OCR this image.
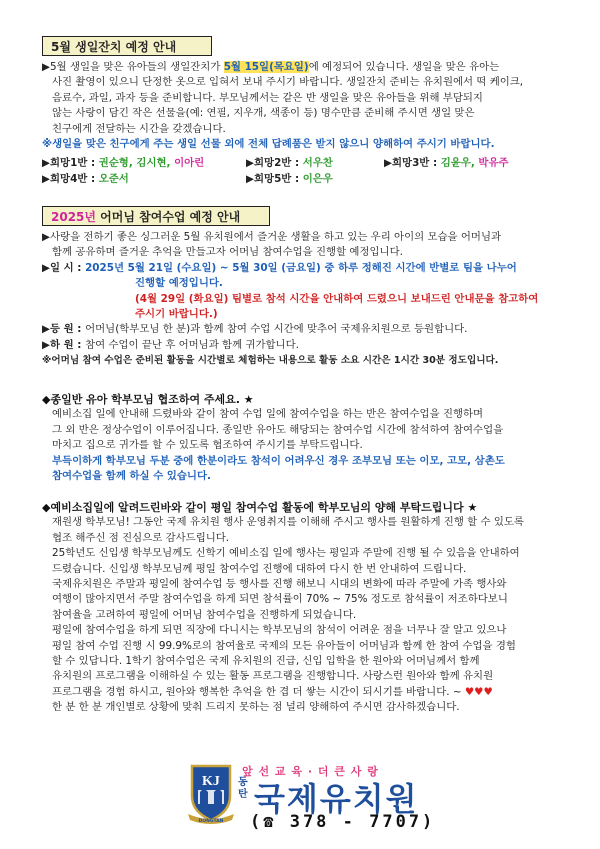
5월 생일잔치 예정 안내
▶5월 생일을 맞은 유아들의 생일잔치가 5월 15일(목요일)에 예정되어 있습니다. 생일을 맞은 유아는
사진 촬영이 있으니 단정한 옷으로 입혀서 보내 주시기 바랍니다. 생일잔치 준비는 유치원에서 떡 케이크,
음료수, 과일, 과자 등을 준비합니다. 부모님께서는 같은 반 생일을 맞은 유아들을 위해 부담되지
않는 사랑이 담긴 작은 선물을(예: 연필, 지우개, 색종이 등) 명수만큼 준비해 주시면 생일 맞은
친구에게 전달하는 시간을 갖겠습니다.
※생일을 맞은 친구에게 주는 생일 선물 외에 전체 답례품은 받지 않으니 양해하여 주시기 바랍니다.
▶희망1반 : 권순형, 김시현, 이아린	▶희망2반 : 서우찬	▶희망3반 : 김윤우, 박유주
▶희망4반 : 오준서	▶희망5반 : 이은우
2025년 어머님 참여수업 예정 안내
▶사랑을 전하기 좋은 싱그러운 5월 유치원에서 즐거운 생활을 하고 있는 우리 아이의 모습을 어머님과
함께 공유하며 즐거운 추억을 만들고자 어머님 참여수업을 진행할 예정입니다.
▶일 시 : 2025년 5월 21일 (수요일) ~ 5월 30일 (금요일) 중 하루 정해진 시간에 반별로 팀을 나누어
진행할 예정입니다.
(4월 29일 (화요일) 팀별로 참석 시간을 안내하여 드렸으니 보내드린 안내문을 참고하여
주시기 바랍니다.)
▶등 원 : 어머님(학부모님 한 분)과 함께 참여 수업 시간에 맞추어 국제유치원으로 등원합니다.
▶하 원 : 참여 수업이 끝난 후 어머님과 함께 귀가합니다.
※어머님 참여 수업은 준비된 활동을 시간별로 체험하는 내용으로 활동 소요 시간은 1시간 30분 정도입니다.
◆종일반 유아 학부모님 협조하여 주세요. ★
예비소집 일에 안내해 드렸바와 같이 참여 수업 일에 참여수업을 하는 반은 참여수업을 진행하며
그 외 반은 정상수업이 이루어집니다. 종일반 유아도 해당되는 참여수업 시간에 참석하여 참여수업을
마치고 집으로 귀가를 할 수 있도록 협조하여 주시기를 부탁드립니다.
부득이하게 학부모님 두분 중에 한분이라도 참석이 어려우신 경우 조부모님 또는 이모, 고모, 삼촌도
참여수업을 함께 하실 수 있습니다.
◆예비소집일에 알려드린바와 같이 평일 참여수업 활동에 학부모님의 양해 부탁드립니다 ★
재원생 학부모님! 그동안 국제 유치원 행사 운영취지를 이해해 주시고 행사를 원활하게 진행 할 수 있도록
협조 해주신 점 진심으로 감사드립니다.
25학년도 신입생 학부모님께도 신학기 예비소집 일에 행사는 평일과 주말에 진행 될 수 있음을 안내하여
드렸습니다. 신입생 학부모님께 평일 참여수업 진행에 대하여 다시 한 번 안내하여 드립니다.
국제유치원은 주말과 평일에 참여수업 등 행사를 진행 해보니 시대의 변화에 따라 주말에 가족 행사와
여행이 많아지면서 주말 참여수업을 하게 되면 참석률이 70% ~ 75% 정도로 참석률이 저조하다보니
참여율을 고려하여 평일에 어머님 참여수업을 진행하게 되었습니다.
평일에 참여수업을 하게 되면 직장에 다니시는 학부모님의 참석이 어려운 점을 너무나 잘 알고 있으나
평일 참여 수업 진행 시 99.9%로의 참여율로 국제의 모든 유아들이 어머님과 함께 한 참여 수업을 경험
할 수 있답니다. 1학기 참여수업은 국제 유치원의 진급, 신입 입학을 한 원아와 어머님께서 함께
유치원의 프로그램을 이해하실 수 있는 활동 프로그램을 진행합니다. 사랑스런 원아와 함께 유치원
프로그램을 경험 하시고, 원아와 행복한 추억을 한 겹 더 쌓는 시간이 되시기를 바랍니다. ~ ♥♥♥
한 분 한 분 개인별로 상황에 맞춰 드리지 못하는 점 널리 양해하여 주시면 감사하겠습니다.
KJ
DONGTAN
앞 선 교 육 · 더 큰 사 랑
동
탄 국제유치원
(☎ 378 - 7707)
